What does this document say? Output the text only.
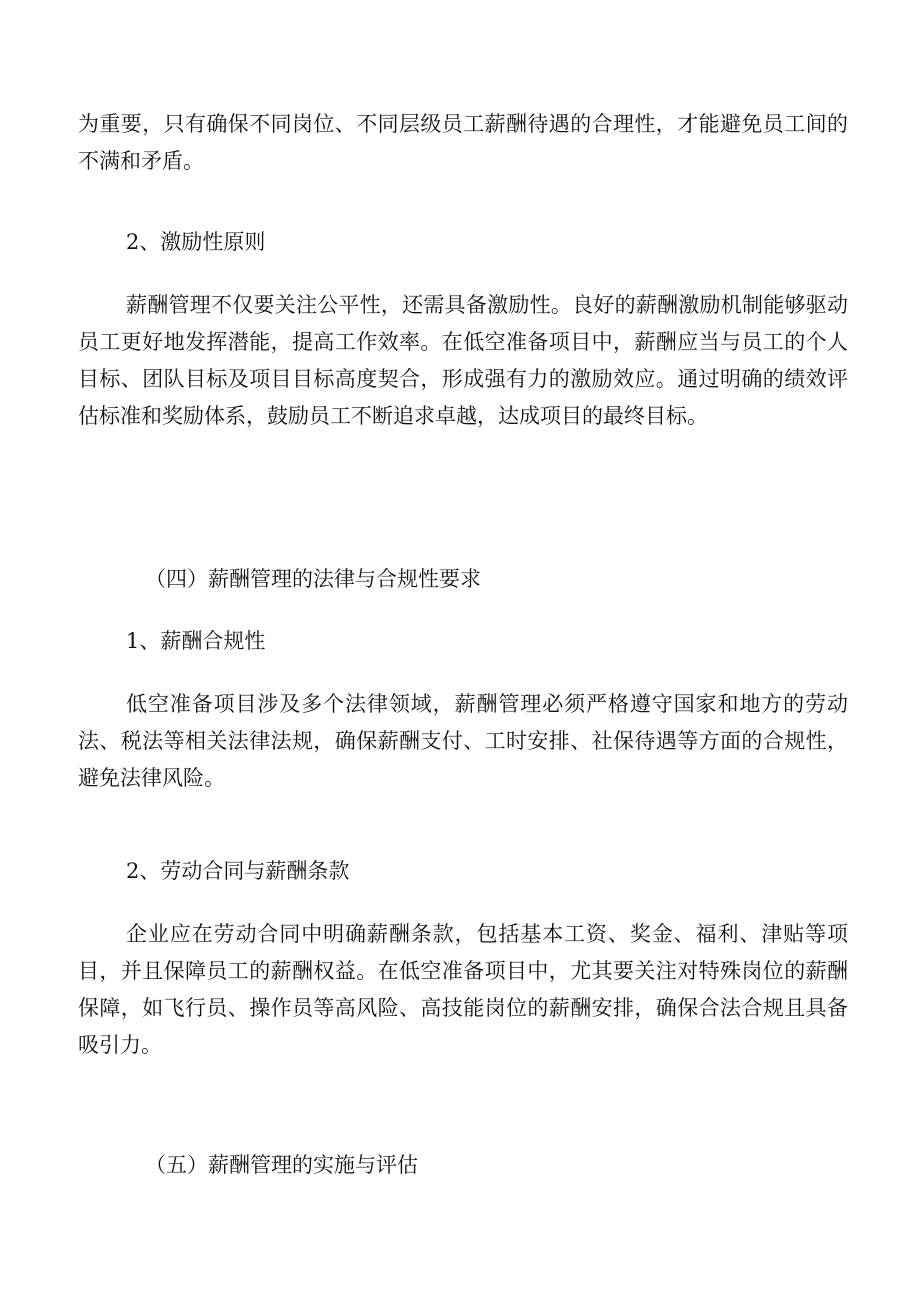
为重要，只有确保不同岗位、不同层级员工薪酬待遇的合理性，才能避免员工间的不满和矛盾。

2、激励性原则

薪酬管理不仅要关注公平性，还需具备激励性。良好的薪酬激励机制能够驱动员工更好地发挥潜能，提高工作效率。在低空准备项目中，薪酬应当与员工的个人目标、团队目标及项目目标高度契合，形成强有力的激励效应。通过明确的绩效评估标准和奖励体系，鼓励员工不断追求卓越，达成项目的最终目标。

（四）薪酬管理的法律与合规性要求

1、薪酬合规性

低空准备项目涉及多个法律领域，薪酬管理必须严格遵守国家和地方的劳动法、税法等相关法律法规，确保薪酬支付、工时安排、社保待遇等方面的合规性，避免法律风险。

2、劳动合同与薪酬条款

企业应在劳动合同中明确薪酬条款，包括基本工资、奖金、福利、津贴等项目，并且保障员工的薪酬权益。在低空准备项目中，尤其要关注对特殊岗位的薪酬保障，如飞行员、操作员等高风险、高技能岗位的薪酬安排，确保合法合规且具备吸引力。

（五）薪酬管理的实施与评估
